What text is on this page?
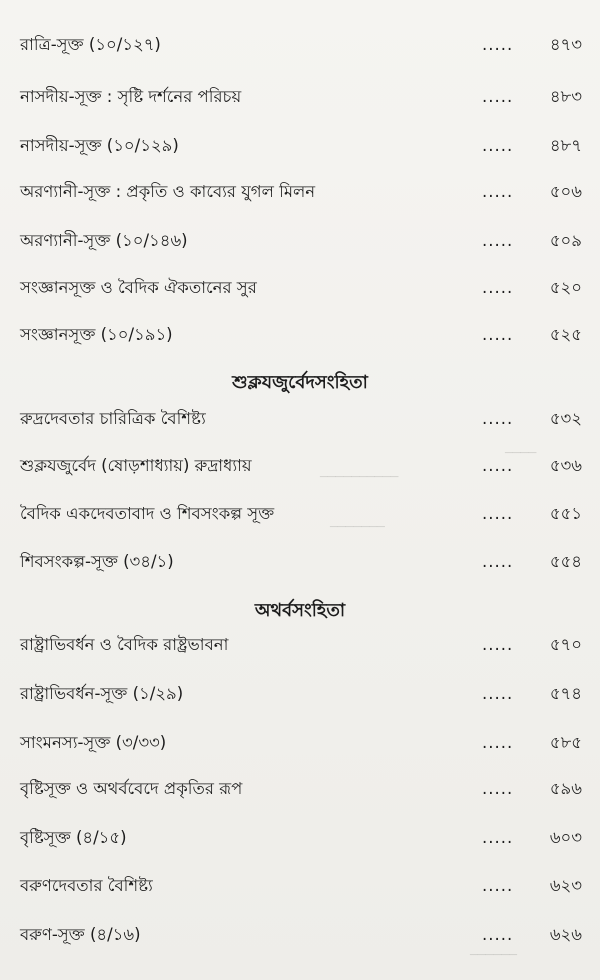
────
──────────
───────
──────
রাত্রি-সূক্ত (১০/১২৭)	..... ৪৭৩
নাসদীয়-সূক্ত : সৃষ্টি দর্শনের পরিচয়	..... ৪৮৩
নাসদীয়-সূক্ত (১০/১২৯)	..... ৪৮৭
অরণ্যানী-সূক্ত : প্রকৃতি ও কাব্যের যুগল মিলন	..... ৫০৬
অরণ্যানী-সূক্ত (১০/১৪৬)	..... ৫০৯
সংজ্ঞানসূক্ত ও বৈদিক ঐকতানের সুর	..... ৫২০
সংজ্ঞানসূক্ত (১০/১৯১)	..... ৫২৫
শুক্লযজুর্বেদসংহিতা
রুদ্রদেবতার চারিত্রিক বৈশিষ্ট্য	..... ৫৩২
শুক্লযজুর্বেদ (ষোড়শাধ্যায়) রুদ্রাধ্যায়	..... ৫৩৬
বৈদিক একদেবতাবাদ ও শিবসংকল্প সূক্ত	..... ৫৫১
শিবসংকল্প-সূক্ত (৩৪/১)	..... ৫৫৪
অথর্বসংহিতা
রাষ্ট্রাভিবর্ধন ও বৈদিক রাষ্ট্রভাবনা	..... ৫৭০
রাষ্ট্রাভিবর্ধন-সূক্ত (১/২৯)	..... ৫৭৪
সাংমনস্য-সূক্ত (৩/৩৩)	..... ৫৮৫
বৃষ্টিসূক্ত ও অথর্ববেদে প্রকৃতির রূপ	..... ৫৯৬
বৃষ্টিসূক্ত (৪/১৫)	..... ৬০৩
বরুণদেবতার বৈশিষ্ট্য	..... ৬২৩
বরুণ-সূক্ত (৪/১৬)	..... ৬২৬
